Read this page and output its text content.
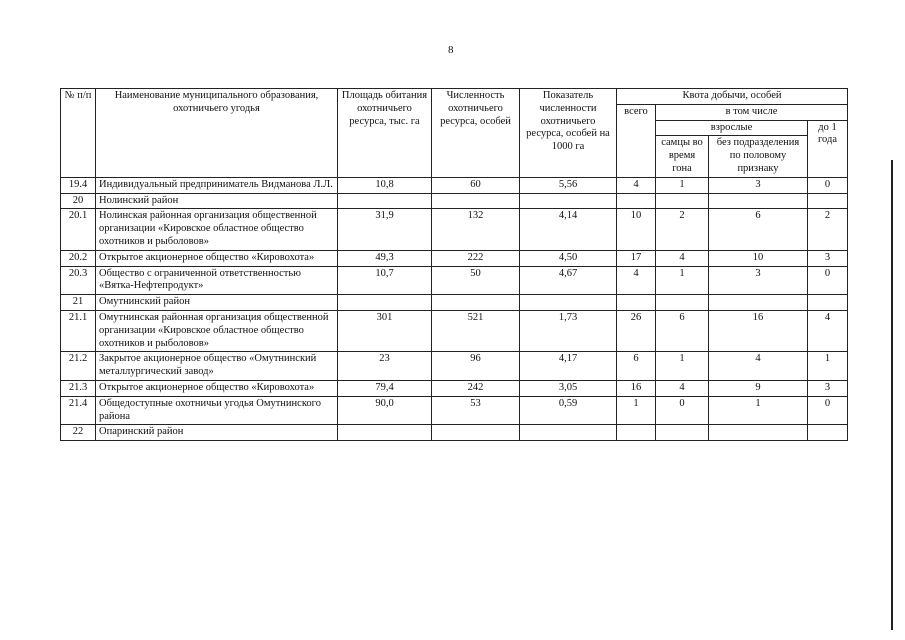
8
№ п/п	Наименование муниципального образования, охотничьего угодья	Площадь обитания охотничьего ресурса, тыс. га	Численность охотничьего ресурса, особей	Показатель численности охотничьего ресурса, особей на 1000 га	Квота добычи, особей			
					всего	в том числе		
						взрослые		до 1 года
						самцы во время гона	без подразделения по половому признаку	
19.4	Индивидуальный предприниматель Видманова Л.Л.	10,8	60	5,56	4	1	3	0
20	Нолинский район							
20.1	Нолинская районная организация общественной организации «Кировское областное общество охотников и рыболовов»	31,9	132	4,14	10	2	6	2
20.2	Открытое акционерное общество «Кировохота»	49,3	222	4,50	17	4	10	3
20.3	Общество с ограниченной ответственностью «Вятка-Нефтепродукт»	10,7	50	4,67	4	1	3	0
21	Омутнинский район							
21.1	Омутнинская районная организация общественной организации «Кировское областное общество охотников и рыболовов»	301	521	1,73	26	6	16	4
21.2	Закрытое акционерное общество «Омутнинский металлургический завод»	23	96	4,17	6	1	4	1
21.3	Открытое акционерное общество «Кировохота»	79,4	242	3,05	16	4	9	3
21.4	Общедоступные охотничьи угодья Омутнинского района	90,0	53	0,59	1	0	1	0
22	Опаринский район							
